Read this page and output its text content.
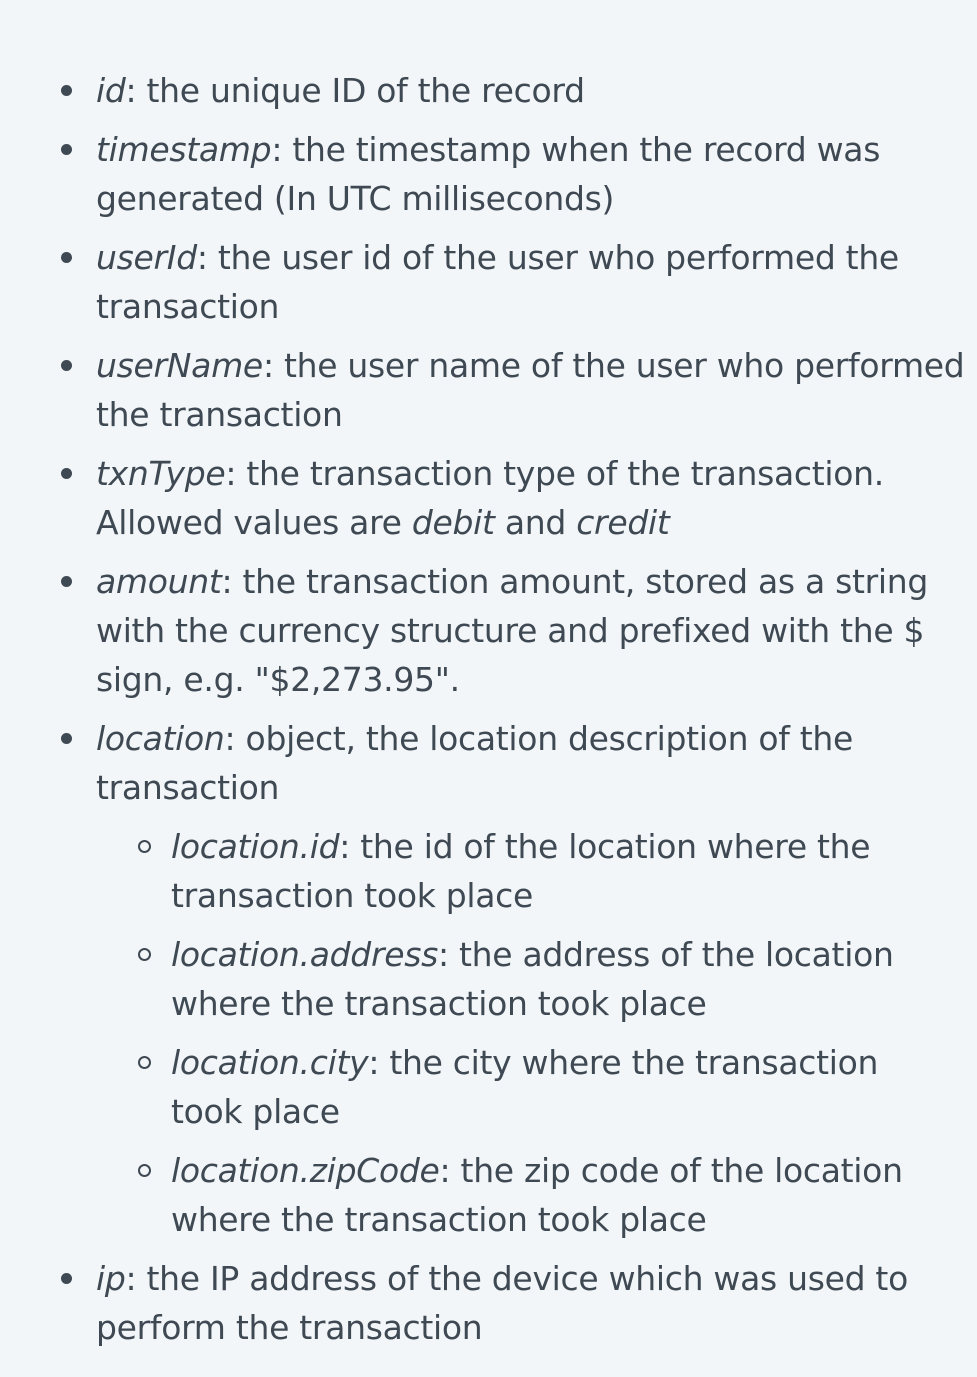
id: the unique ID of the record
timestamp: the timestamp when the record was generated (In UTC milliseconds)
userId: the user id of the user who performed the transaction
userName: the user name of the user who performed the transaction
txnType: the transaction type of the transaction. Allowed values are debit and credit
amount: the transaction amount, stored as a string with the currency structure and prefixed with the $ sign, e.g. "$2,273.95".
location: object, the location description of the transaction
location.id: the id of the location where the transaction took place
location.address: the address of the location where the transaction took place
location.city: the city where the transaction took place
location.zipCode: the zip code of the location where the transaction took place
ip: the IP address of the device which was used to perform the transaction
